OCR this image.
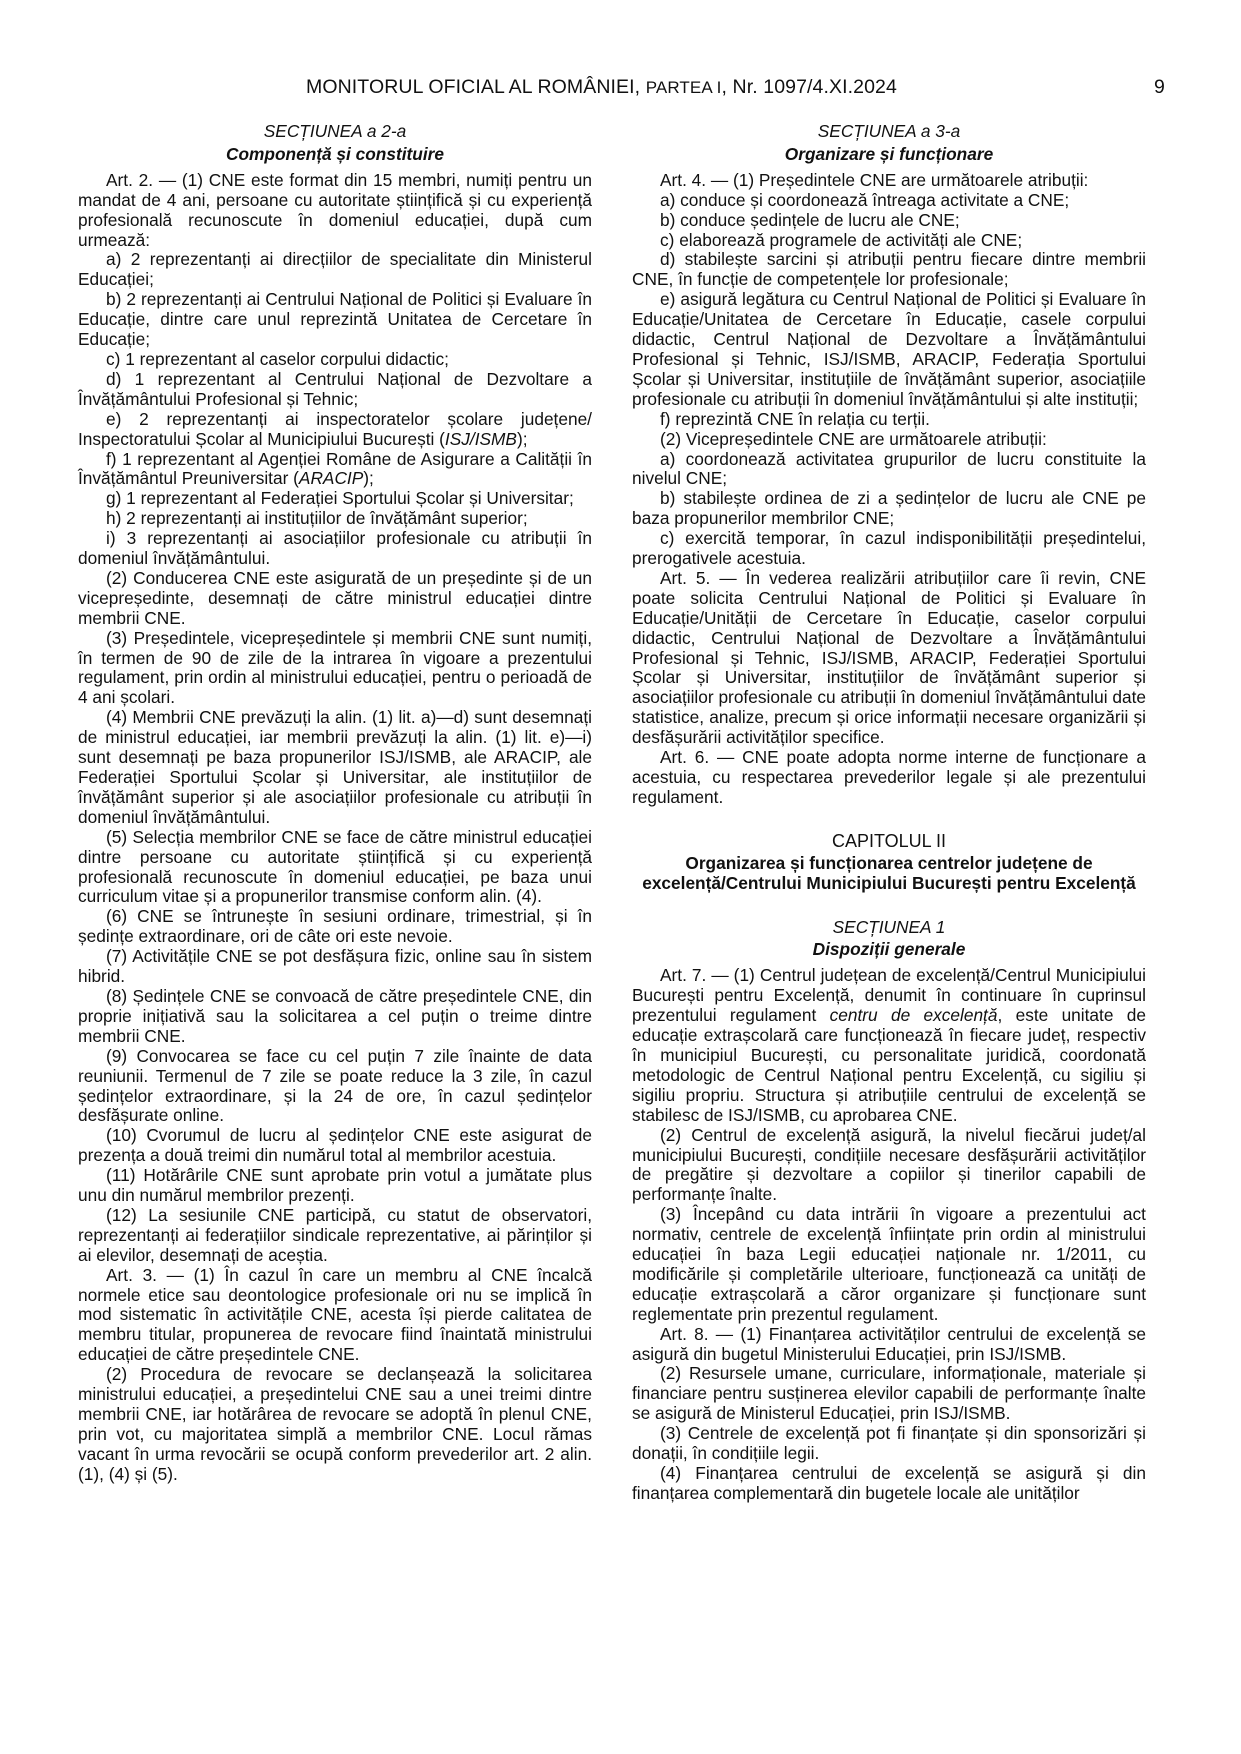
MONITORUL OFICIAL AL ROMÂNIEI, PARTEA I, Nr. 1097/4.XI.2024	9

SECȚIUNEA a 2-a

Componență și constituire

Art. 2. — (1) CNE este format din 15 membri, numiți pentru un mandat de 4 ani, persoane cu autoritate științifică și cu experiență profesională recunoscute în domeniul educației, după cum urmează:

a) 2 reprezentanți ai direcțiilor de specialitate din Ministerul Educației;

b) 2 reprezentanți ai Centrului Național de Politici și Evaluare în Educație, dintre care unul reprezintă Unitatea de Cercetare în Educație;

c) 1 reprezentant al caselor corpului didactic;

d) 1 reprezentant al Centrului Național de Dezvoltare a Învățământului Profesional și Tehnic;

e) 2 reprezentanți ai inspectoratelor școlare județene/ Inspectoratului Școlar al Municipiului București (ISJ/ISMB);

f) 1 reprezentant al Agenției Române de Asigurare a Calității în Învățământul Preuniversitar (ARACIP);

g) 1 reprezentant al Federației Sportului Școlar și Universitar;

h) 2 reprezentanți ai instituțiilor de învățământ superior;

i) 3 reprezentanți ai asociațiilor profesionale cu atribuții în domeniul învățământului.

(2) Conducerea CNE este asigurată de un președinte și de un vicepreședinte, desemnați de către ministrul educației dintre membrii CNE.

(3) Președintele, vicepreședintele și membrii CNE sunt numiți, în termen de 90 de zile de la intrarea în vigoare a prezentului regulament, prin ordin al ministrului educației, pentru o perioadă de 4 ani școlari.

(4) Membrii CNE prevăzuți la alin. (1) lit. a)—d) sunt desemnați de ministrul educației, iar membrii prevăzuți la alin. (1) lit. e)—i) sunt desemnați pe baza propunerilor ISJ/ISMB, ale ARACIP, ale Federației Sportului Școlar și Universitar, ale instituțiilor de învățământ superior și ale asociațiilor profesionale cu atribuții în domeniul învățământului.

(5) Selecția membrilor CNE se face de către ministrul educației dintre persoane cu autoritate științifică și cu experiență profesională recunoscute în domeniul educației, pe baza unui curriculum vitae și a propunerilor transmise conform alin. (4).

(6) CNE se întrunește în sesiuni ordinare, trimestrial, și în ședințe extraordinare, ori de câte ori este nevoie.

(7) Activitățile CNE se pot desfășura fizic, online sau în sistem hibrid.

(8) Ședințele CNE se convoacă de către președintele CNE, din proprie inițiativă sau la solicitarea a cel puțin o treime dintre membrii CNE.

(9) Convocarea se face cu cel puțin 7 zile înainte de data reuniunii. Termenul de 7 zile se poate reduce la 3 zile, în cazul ședințelor extraordinare, și la 24 de ore, în cazul ședințelor desfășurate online.

(10) Cvorumul de lucru al ședințelor CNE este asigurat de prezența a două treimi din numărul total al membrilor acestuia.

(11) Hotărârile CNE sunt aprobate prin votul a jumătate plus unu din numărul membrilor prezenți.

(12) La sesiunile CNE participă, cu statut de observatori, reprezentanți ai federațiilor sindicale reprezentative, ai părinților și ai elevilor, desemnați de aceștia.

Art. 3. — (1) În cazul în care un membru al CNE încalcă normele etice sau deontologice profesionale ori nu se implică în mod sistematic în activitățile CNE, acesta își pierde calitatea de membru titular, propunerea de revocare fiind înaintată ministrului educației de către președintele CNE.

(2) Procedura de revocare se declanșează la solicitarea ministrului educației, a președintelui CNE sau a unei treimi dintre membrii CNE, iar hotărârea de revocare se adoptă în plenul CNE, prin vot, cu majoritatea simplă a membrilor CNE. Locul rămas vacant în urma revocării se ocupă conform prevederilor art. 2 alin. (1), (4) și (5).

SECȚIUNEA a 3-a

Organizare și funcționare

Art. 4. — (1) Președintele CNE are următoarele atribuții:

a) conduce și coordonează întreaga activitate a CNE;

b) conduce ședințele de lucru ale CNE;

c) elaborează programele de activități ale CNE;

d) stabilește sarcini și atribuții pentru fiecare dintre membrii CNE, în funcție de competențele lor profesionale;

e) asigură legătura cu Centrul Național de Politici și Evaluare în Educație/Unitatea de Cercetare în Educație, casele corpului didactic, Centrul Național de Dezvoltare a Învățământului Profesional și Tehnic, ISJ/ISMB, ARACIP, Federația Sportului Școlar și Universitar, instituțiile de învățământ superior, asociațiile profesionale cu atribuții în domeniul învățământului și alte instituții;

f) reprezintă CNE în relația cu terții.

(2) Vicepreședintele CNE are următoarele atribuții:

a) coordonează activitatea grupurilor de lucru constituite la nivelul CNE;

b) stabilește ordinea de zi a ședințelor de lucru ale CNE pe baza propunerilor membrilor CNE;

c) exercită temporar, în cazul indisponibilității președintelui, prerogativele acestuia.

Art. 5. — În vederea realizării atribuțiilor care îi revin, CNE poate solicita Centrului Național de Politici și Evaluare în Educație/Unității de Cercetare în Educație, caselor corpului didactic, Centrului Național de Dezvoltare a Învățământului Profesional și Tehnic, ISJ/ISMB, ARACIP, Federației Sportului Școlar și Universitar, instituțiilor de învățământ superior și asociațiilor profesionale cu atribuții în domeniul învățământului date statistice, analize, precum și orice informații necesare organizării și desfășurării activităților specifice.

Art. 6. — CNE poate adopta norme interne de funcționare a acestuia, cu respectarea prevederilor legale și ale prezentului regulament.

CAPITOLUL II

Organizarea și funcționarea centrelor județene de excelență/Centrului Municipiului București pentru Excelență

SECȚIUNEA 1

Dispoziții generale

Art. 7. — (1) Centrul județean de excelență/Centrul Municipiului București pentru Excelență, denumit în continuare în cuprinsul prezentului regulament centru de excelență, este unitate de educație extrașcolară care funcționează în fiecare județ, respectiv în municipiul București, cu personalitate juridică, coordonată metodologic de Centrul Național pentru Excelență, cu sigiliu și sigiliu propriu. Structura și atribuțiile centrului de excelență se stabilesc de ISJ/ISMB, cu aprobarea CNE.

(2) Centrul de excelență asigură, la nivelul fiecărui județ/al municipiului București, condițiile necesare desfășurării activităților de pregătire și dezvoltare a copiilor și tinerilor capabili de performanțe înalte.

(3) Începând cu data intrării în vigoare a prezentului act normativ, centrele de excelență înființate prin ordin al ministrului educației în baza Legii educației naționale nr. 1/2011, cu modificările și completările ulterioare, funcționează ca unități de educație extrașcolară a căror organizare și funcționare sunt reglementate prin prezentul regulament.

Art. 8. — (1) Finanțarea activităților centrului de excelență se asigură din bugetul Ministerului Educației, prin ISJ/ISMB.

(2) Resursele umane, curriculare, informaționale, materiale și financiare pentru susținerea elevilor capabili de performanțe înalte se asigură de Ministerul Educației, prin ISJ/ISMB.

(3) Centrele de excelență pot fi finanțate și din sponsorizări și donații, în condițiile legii.

(4) Finanțarea centrului de excelență se asigură și din finanțarea complementară din bugetele locale ale unităților
